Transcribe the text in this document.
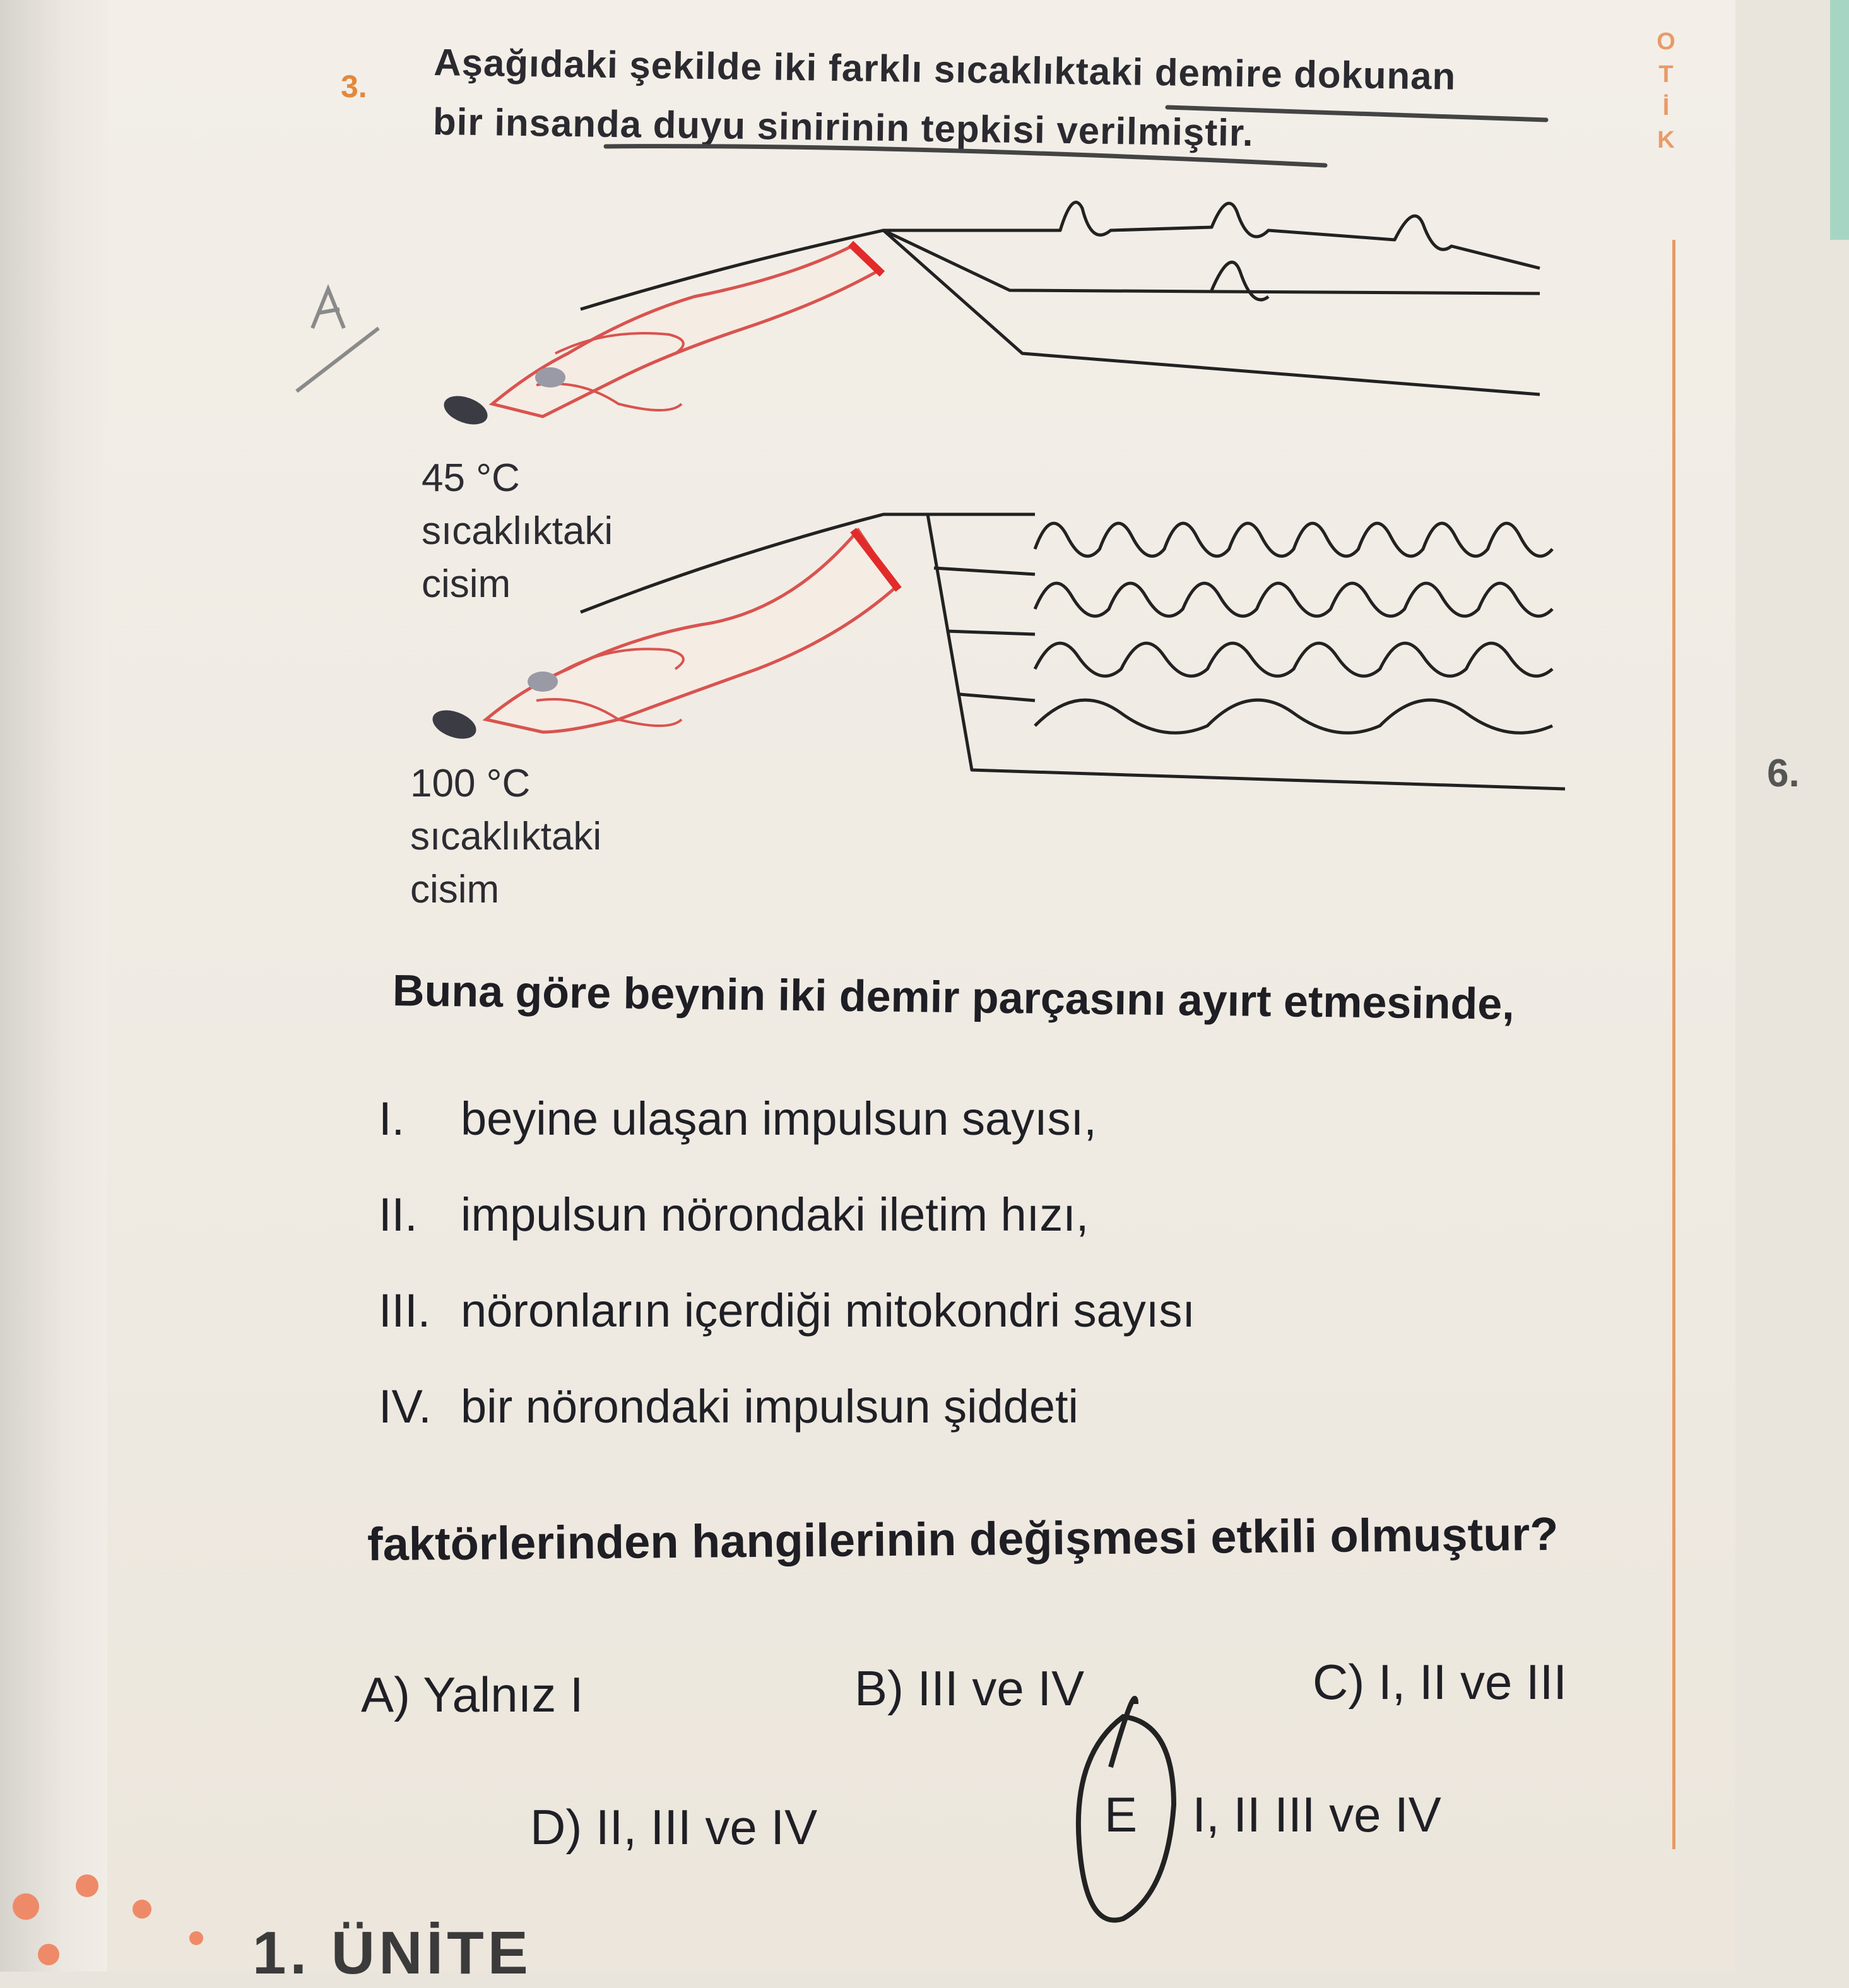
3. Aşağıdaki şekilde iki farklı sıcaklıktaki demire dokunan
bir insanda duyu sinirinin tepkisi verilmiştir.
O
T
İ
K
6.
45 °C
sıcaklıktaki
cisim
100 °C
sıcaklıktaki
cisim
Buna göre beynin iki demir parçasını ayırt etmesinde,
I. beyine ulaşan impulsun sayısı,
II. impulsun nörondaki iletim hızı,
III. nöronların içerdiği mitokondri sayısı
IV. bir nörondaki impulsun şiddeti
faktörlerinden hangilerinin değişmesi etkili olmuştur?
A) Yalnız I	B) III ve IV	C) I, II ve III
D) II, III ve IV	E I, II III ve IV
1. ÜNİTE
